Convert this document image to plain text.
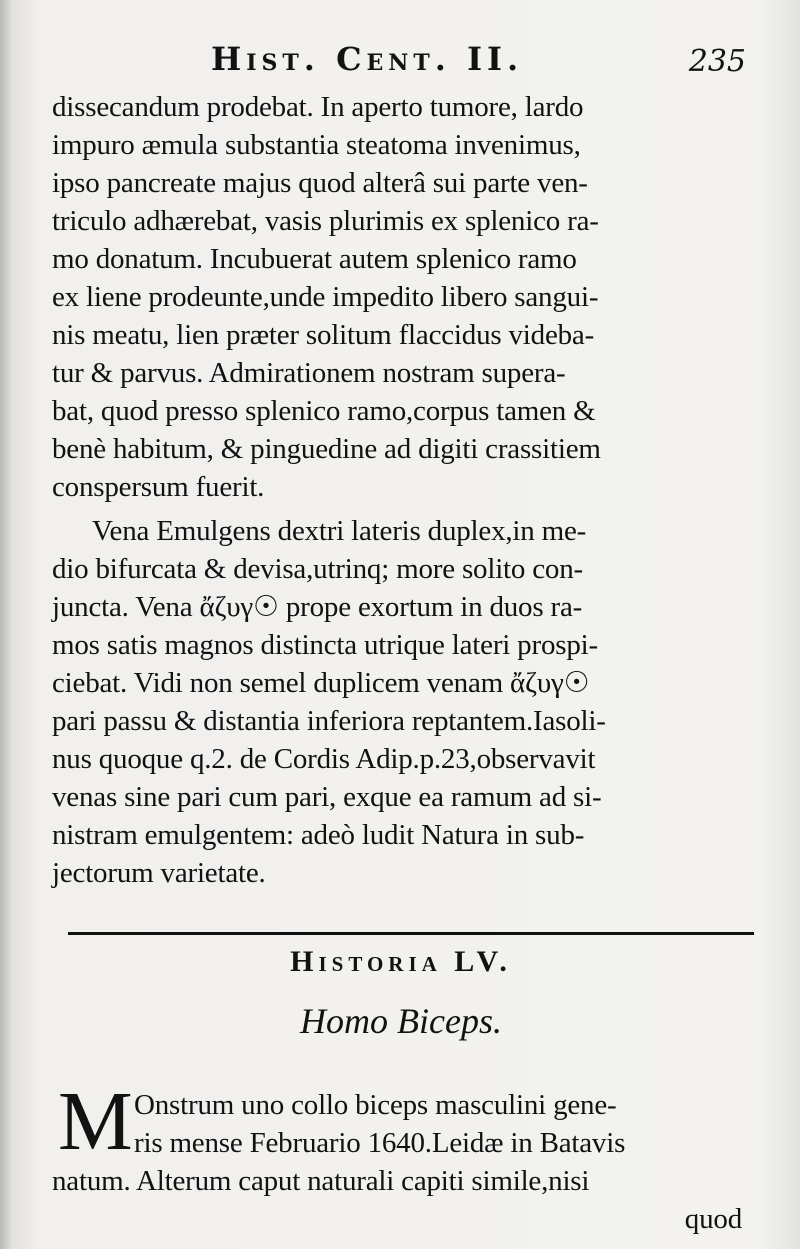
Hist. Cent. II.	235
dissecandum prodebat. In aperto tumore, lardo
impuro æmula substantia steatoma invenimus,
ipso pancreate majus quod alterâ sui parte ven-
triculo adhærebat, vasis plurimis ex splenico ra-
mo donatum. Incubuerat autem splenico ramo
ex liene prodeunte,unde impedito libero sangui-
nis meatu, lien præter solitum flaccidus videba-
tur & parvus. Admirationem nostram supera-
bat, quod presso splenico ramo,corpus tamen &
benè habitum, & pinguedine ad digiti crassitiem
conspersum fuerit.
Vena Emulgens dextri lateris duplex,in me-
dio bifurcata & devisa,utrinq; more solito con-
juncta. Vena ἄζυγ☉ prope exortum in duos ra-
mos satis magnos distincta utrique lateri prospi-
ciebat. Vidi non semel duplicem venam ἄζυγ☉
pari passu & distantia inferiora reptantem.Iasoli-
nus quoque q.2. de Cordis Adip.p.23,observavit
venas sine pari cum pari, exque ea ramum ad si-
nistram emulgentem: adeò ludit Natura in sub-
jectorum varietate.
Historia LV.
Homo Biceps.
M Onstrum uno collo biceps masculini gene-
ris mense Februario 1640.Leidæ in Batavis
natum. Alterum caput naturali capiti simile,nisi
quod
